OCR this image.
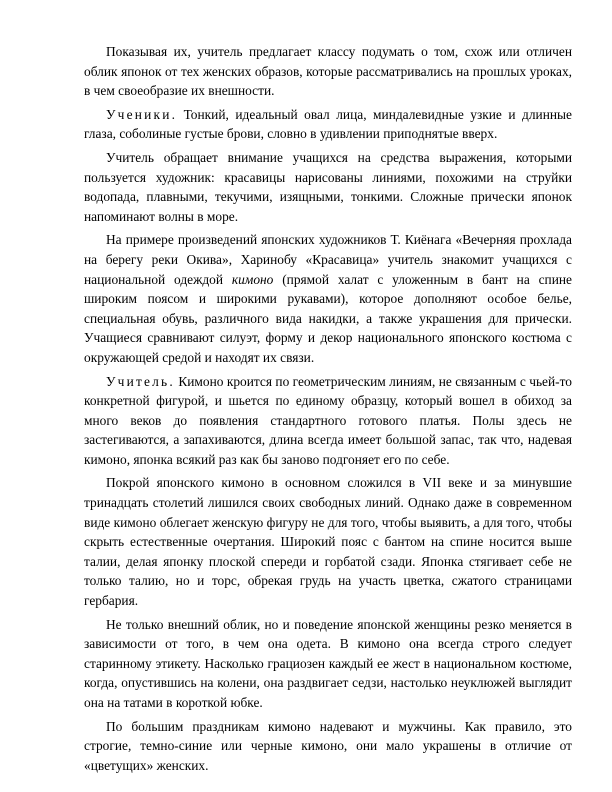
Показывая их, учитель предлагает классу подумать о том, схож или отличен облик японок от тех женских образов, которые рассматривались на прошлых уроках, в чем своеобразие их внешности.

Ученики. Тонкий, идеальный овал лица, миндалевидные узкие и длинные глаза, соболиные густые брови, словно в удивлении приподнятые вверх.

Учитель обращает внимание учащихся на средства выражения, которыми пользуется художник: красавицы нарисованы линиями, похожими на струйки водопада, плавными, текучими, изящными, тонкими. Сложные прически японок напоминают волны в море.

На примере произведений японских художников Т. Киёнага «Вечерняя прохлада на берегу реки Окива», Харинобу «Красавица» учитель знакомит учащихся с национальной одеждой кимоно (прямой халат с уложенным в бант на спине широким поясом и широкими рукавами), которое дополняют особое белье, специальная обувь, различного вида накидки, а также украшения для прически. Учащиеся сравнивают силуэт, форму и декор национального японского костюма с окружающей средой и находят их связи.

Учитель. Кимоно кроится по геометрическим линиям, не связанным с чьей-то конкретной фигурой, и шьется по единому образцу, который вошел в обиход за много веков до появления стандартного готового платья. Полы здесь не застегиваются, а запахиваются, длина всегда имеет большой запас, так что, надевая кимоно, японка всякий раз как бы заново подгоняет его по себе.

Покрой японского кимоно в основном сложился в VII веке и за минувшие тринадцать столетий лишился своих свободных линий. Однако даже в современном виде кимоно облегает женскую фигуру не для того, чтобы выявить, а для того, чтобы скрыть естественные очертания. Широкий пояс с бантом на спине носится выше талии, делая японку плоской спереди и горбатой сзади. Японка стягивает себе не только талию, но и торс, обрекая грудь на участь цветка, сжатого страницами гербария.

Не только внешний облик, но и поведение японской женщины резко меняется в зависимости от того, в чем она одета. В кимоно она всегда строго следует старинному этикету. Насколько грациозен каждый ее жест в национальном костюме, когда, опустившись на колени, она раздвигает седзи, настолько неуклюжей выглядит она на татами в короткой юбке.

По большим праздникам кимоно надевают и мужчины. Как правило, это строгие, темно-синие или черные кимоно, они мало украшены в отличие от «цветущих» женских.
